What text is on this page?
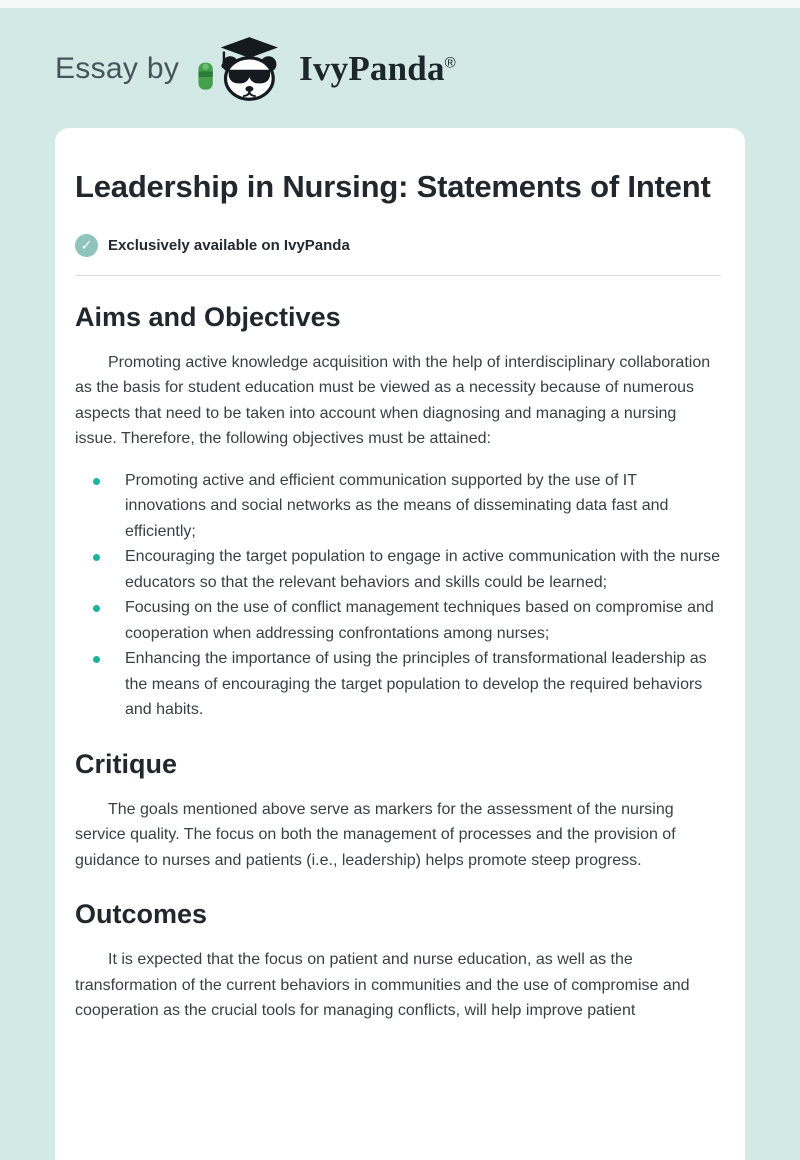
Essay by	IvyPanda®
Leadership in Nursing: Statements of Intent
✓	Exclusively available on IvyPanda
Aims and Objectives

Promoting active knowledge acquisition with the help of interdisciplinary collaboration as the basis for student education must be viewed as a necessity because of numerous aspects that need to be taken into account when diagnosing and managing a nursing issue. Therefore, the following objectives must be attained:

Promoting active and efficient communication supported by the use of IT innovations and social networks as the means of disseminating data fast and efficiently;
Encouraging the target population to engage in active communication with the nurse educators so that the relevant behaviors and skills could be learned;
Focusing on the use of conflict management techniques based on compromise and cooperation when addressing confrontations among nurses;
Enhancing the importance of using the principles of transformational leadership as the means of encouraging the target population to develop the required behaviors and habits.
Critique

The goals mentioned above serve as markers for the assessment of the nursing service quality. The focus on both the management of processes and the provision of guidance to nurses and patients (i.e., leadership) helps promote steep progress.

Outcomes

It is expected that the focus on patient and nurse education, as well as the transformation of the current behaviors in communities and the use of compromise and cooperation as the crucial tools for managing conflicts, will help improve patient
